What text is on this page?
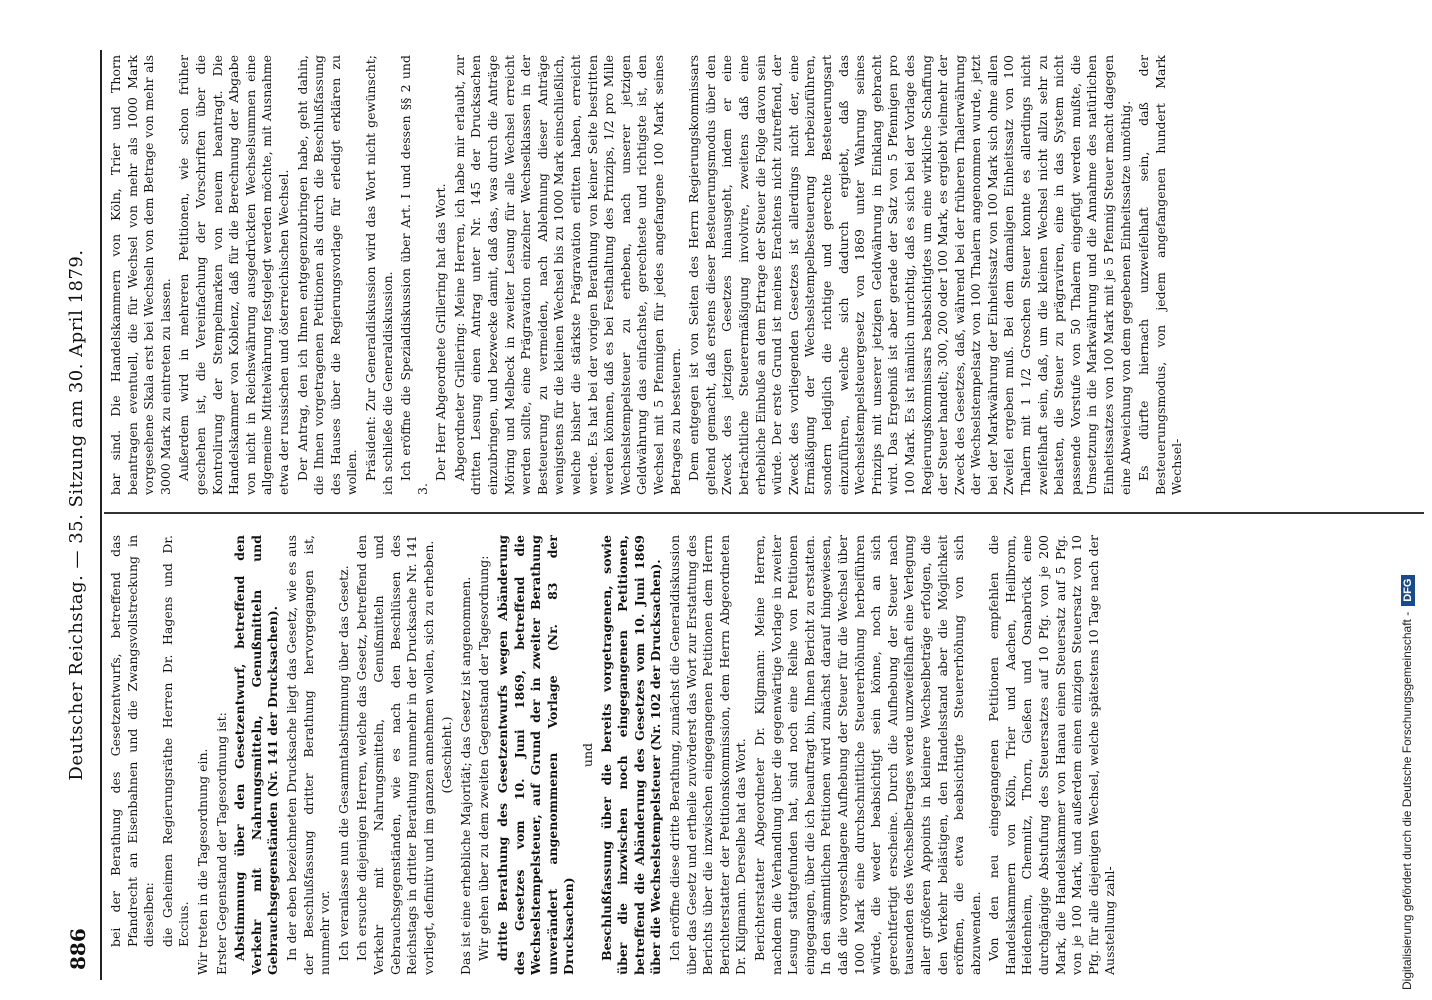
886
Deutscher Reichstag. — 35. Sitzung am 30. April 1879. bei der Berathung des Gesetzentwurfs, betreffend das Pfandrecht an Eisenbahnen und die Zwangsvollstreckung in dieselben: die Geheimen Regierungsräthe Herren Dr. Hagens und Dr. Eccius. Wir treten in die Tagesordnung ein. Erster Gegenstand der Tagesordnung ist: Abstimmung über den Gesetzentwurf, betreffend den Verkehr mit Nahrungsmitteln, Genußmitteln und Gebrauchsgegenständen (Nr. 141 der Drucksachen). In der eben bezeichneten Drucksache liegt das Gesetz, wie es aus der Beschlußfassung dritter Berathung hervorgegangen ist, nunmehr vor. Ich veranlasse nun die Gesammtabstimmung über das Gesetz. Ich ersuche diejenigen Herren, welche das Gesetz, betreffend den Verkehr mit Nahrungsmitteln, Genußmitteln und Gebrauchsgegenständen, wie es nach den Beschlüssen des Reichstags in dritter Berathung nunmehr in der Drucksache Nr. 141 vorliegt, definitiv und im ganzen annehmen wollen, sich zu erheben. (Geschieht.) Das ist eine erhebliche Majorität; das Gesetz ist angenommen. Wir gehen über zu dem zweiten Gegenstand der Tagesordnung: dritte Berathung des Gesetzentwurfs wegen Abänderung des Gesetzes vom 10. Juni 1869, betreffend die Wechselstempelsteuer, auf Grund der in zweiter Berathung unverändert angenommenen Vorlage (Nr. 83 der Drucksachen)

und Beschlußfassung über die bereits vorgetragenen, sowie über die inzwischen noch eingegangenen Petitionen, betreffend die Abänderung des Gesetzes vom 10. Juni 1869 über die Wechselstempelsteuer (Nr. 102 der Drucksachen). Ich eröffne diese dritte Berathung, zunächst die Generaldiskussion über das Gesetz und ertheile zuvörderst das Wort zur Erstattung des Berichts über die inzwischen eingegangenen Petitionen dem Herrn Berichterstatter der Petitionskommission, dem Herrn Abgeordneten Dr. Kilgmann. Derselbe hat das Wort. Berichterstatter Abgeordneter Dr. Kilgmann: Meine Herren, nachdem die Verhandlung über die gegenwärtige Vorlage in zweiter Lesung stattgefunden hat, sind noch eine Reihe von Petitionen eingegangen, über die ich beauftragt bin, Ihnen Bericht zu erstatten. In den sämmtlichen Petitionen wird zunächst darauf hingewiesen, daß die vorgeschlagene Aufhebung der Steuer für die Wechsel über 1000 Mark eine durchschnittliche Steuererhöhung herbeiführen würde, die weder beabsichtigt sein könne, noch an sich gerechtfertigt erscheine. Durch die Aufhebung der Steuer nach tausenden des Wechselbetrages werde unzweifelhaft eine Verlegung aller größeren Appoints in kleinere Wechselbeträge erfolgen, die den Verkehr belästigen, den Handelsstand aber die Möglichkeit eröffnen, die etwa beabsichtigte Steuererhöhung von sich abzuwenden. Von den neu eingegangenen Petitionen empfehlen die Handelskammern von Köln, Trier und Aachen, Heilbronn, Heidenheim, Chemnitz, Thorn, Gießen und Osnabrück eine durchgängige Abstufung des Steuersatzes auf 10 Pfg. von je 200 Mark, die Handelskammer von Hanau einen Steuersatz auf 5 Pfg. von je 100 Mark, und außerdem einen einzigen Steuersatz von 10 Pfg. für alle diejenigen Wechsel, welche spätestens 10 Tage nach der Ausstellung zahl-

bar sind. Die Handelskammern von Köln, Trier und Thorn beantragen eventuell, die für Wechsel von mehr als 1000 Mark vorgesehene Skala erst bei Wechseln von dem Betrage von mehr als 3000 Mark zu eintreten zu lassen. Außerdem wird in mehreren Petitionen, wie schon früher geschehen ist, die Vereinfachung der Vorschriften über die Kontrolirung der Stempelmarken von neuem beantragt. Die Handelskammer von Koblenz, daß für die Berechnung der Abgabe von nicht in Reichswährung ausgedrückten Wechselsummen eine allgemeine Mittelwährung festgelegt werden möchte, mit Ausnahme etwa der russischen und österreichischen Wechsel. Der Antrag, den ich Ihnen entgegenzubringen habe, geht dahin, die Ihnen vorgetragenen Petitionen als durch die Beschlußfassung des Hauses über die Regierungsvorlage für erledigt erklären zu wollen. Präsident: Zur Generaldiskussion wird das Wort nicht gewünscht; ich schließe die Generaldiskussion. Ich eröffne die Spezialdiskussion über Art. I und dessen §§ 2 und 3.

Der Herr Abgeordnete Grillering hat das Wort. Abgeordneter Grillering: Meine Herren, ich habe mir erlaubt, zur dritten Lesung einen Antrag unter Nr. 145 der Drucksachen einzubringen, und bezwecke damit, daß das, was durch die Anträge Möring und Melbeck in zweiter Lesung für alle Wechsel erreicht werden sollte, eine Prägravation einzelner Wechselklassen in der Besteuerung zu vermeiden, nach Ablehnung dieser Anträge wenigstens für die kleinen Wechsel bis zu 1000 Mark einschließlich, welche bisher die stärkste Prägravation erlitten haben, erreicht werde. Es hat bei der vorigen Berathung von keiner Seite bestritten werden können, daß es bei Festhaltung des Prinzips, 1/2 pro Mille Wechselstempelsteuer zu erheben, nach unserer jetzigen Geldwährung das einfachste, gerechteste und richtigste ist, den Wechsel mit 5 Pfennigen für jedes angefangene 100 Mark seines Betrages zu besteuern. Dem entgegen ist von Seiten des Herrn Regierungskommissars geltend gemacht, daß erstens dieser Besteuerungsmodus über den Zweck des jetzigen Gesetzes hinausgeht, indem er eine beträchtliche Steuerermäßigung involvire, zweitens daß eine erhebliche Einbuße an dem Ertrage der Steuer die Folge davon sein würde. Der erste Grund ist meines Erachtens nicht zutreffend, der Zweck des vorliegenden Gesetzes ist allerdings nicht der, eine Ermäßigung der Wechselstempelbesteuerung herbeizuführen, sondern lediglich die richtige und gerechte Besteuerungsart einzuführen, welche sich dadurch ergiebt, daß das Wechselstempelsteuergesetz von 1869 unter Wahrung seines Prinzips mit unserer jetzigen Geldwährung in Einklang gebracht wird. Das Ergebniß ist aber gerade der Satz von 5 Pfennigen pro 100 Mark. Es ist nämlich unrichtig, daß es sich bei der Vorlage des Regierungskommissars beabsichtigtes um eine wirkliche Schaffung der Steuer handelt; 300, 200 oder 100 Mark, es ergiebt vielmehr der Zweck des Gesetzes, daß, während bei der früheren Thalerwährung der Wechselstempelsatz von 100 Thalern angenommen wurde, jetzt bei der Markwährung der Einheitssatz von 100 Mark sich ohne allen Zweifel ergeben muß. Bei dem damaligen Einheitssatz von 100 Thalern mit 1 1/2 Groschen Steuer konnte es allerdings nicht zweifelhaft sein, daß, um die kleinen Wechsel nicht allzu sehr zu belasten, die Steuer zu prägraviren, eine in das System nicht passende Vorstufe von 50 Thalern eingefügt werden mußte, die Umsetzung in die Markwährung und die Annahme des natürlichen Einheitssatzes von 100 Mark mit je 5 Pfennig Steuer macht dagegen eine Abweichung von dem gegebenen Einheitssatze unnöthig. Es dürfte hiernach unzweifelhaft sein, daß der Besteuerungsmodus, von jedem angefangenen hundert Mark Wechsel-

Digitalisierung gefördert durch die Deutsche Forschungsgemeinschaft -DFG
